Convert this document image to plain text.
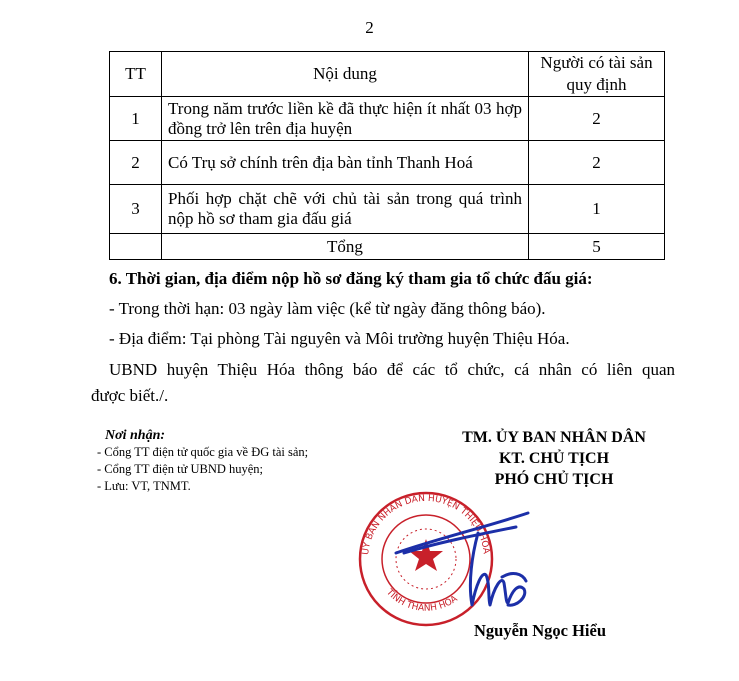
2
TT	Nội dung	Người có tài sản quy định
1	Trong năm trước liền kề đã thực hiện ít nhất 03 hợp đồng trở lên trên địa huyện	2
2	Có Trụ sở chính trên địa bàn tỉnh Thanh Hoá	2
3	Phối hợp chặt chẽ với chủ tài sản trong quá trình nộp hồ sơ tham gia đấu giá	1
	Tổng	5
6. Thời gian, địa điểm nộp hồ sơ đăng ký tham gia tổ chức đấu giá:
- Trong thời hạn: 03 ngày làm việc (kể từ ngày đăng thông báo).
- Địa điểm: Tại phòng Tài nguyên và Môi trường huyện Thiệu Hóa.
UBND huyện Thiệu Hóa thông báo để các tổ chức, cá nhân có liên quan
được biết./.
Nơi nhận:
- Cổng TT điện tử quốc gia về ĐG tài sản;
- Cổng TT điện tử UBND huyện;
- Lưu: VT, TNMT.
TM. ỦY BAN NHÂN DÂN
KT. CHỦ TỊCH
PHÓ CHỦ TỊCH
ỦY BAN NHÂN DÂN HUYỆN THIỆU HÓA
TỈNH THANH HÓA
Nguyễn Ngọc Hiểu
